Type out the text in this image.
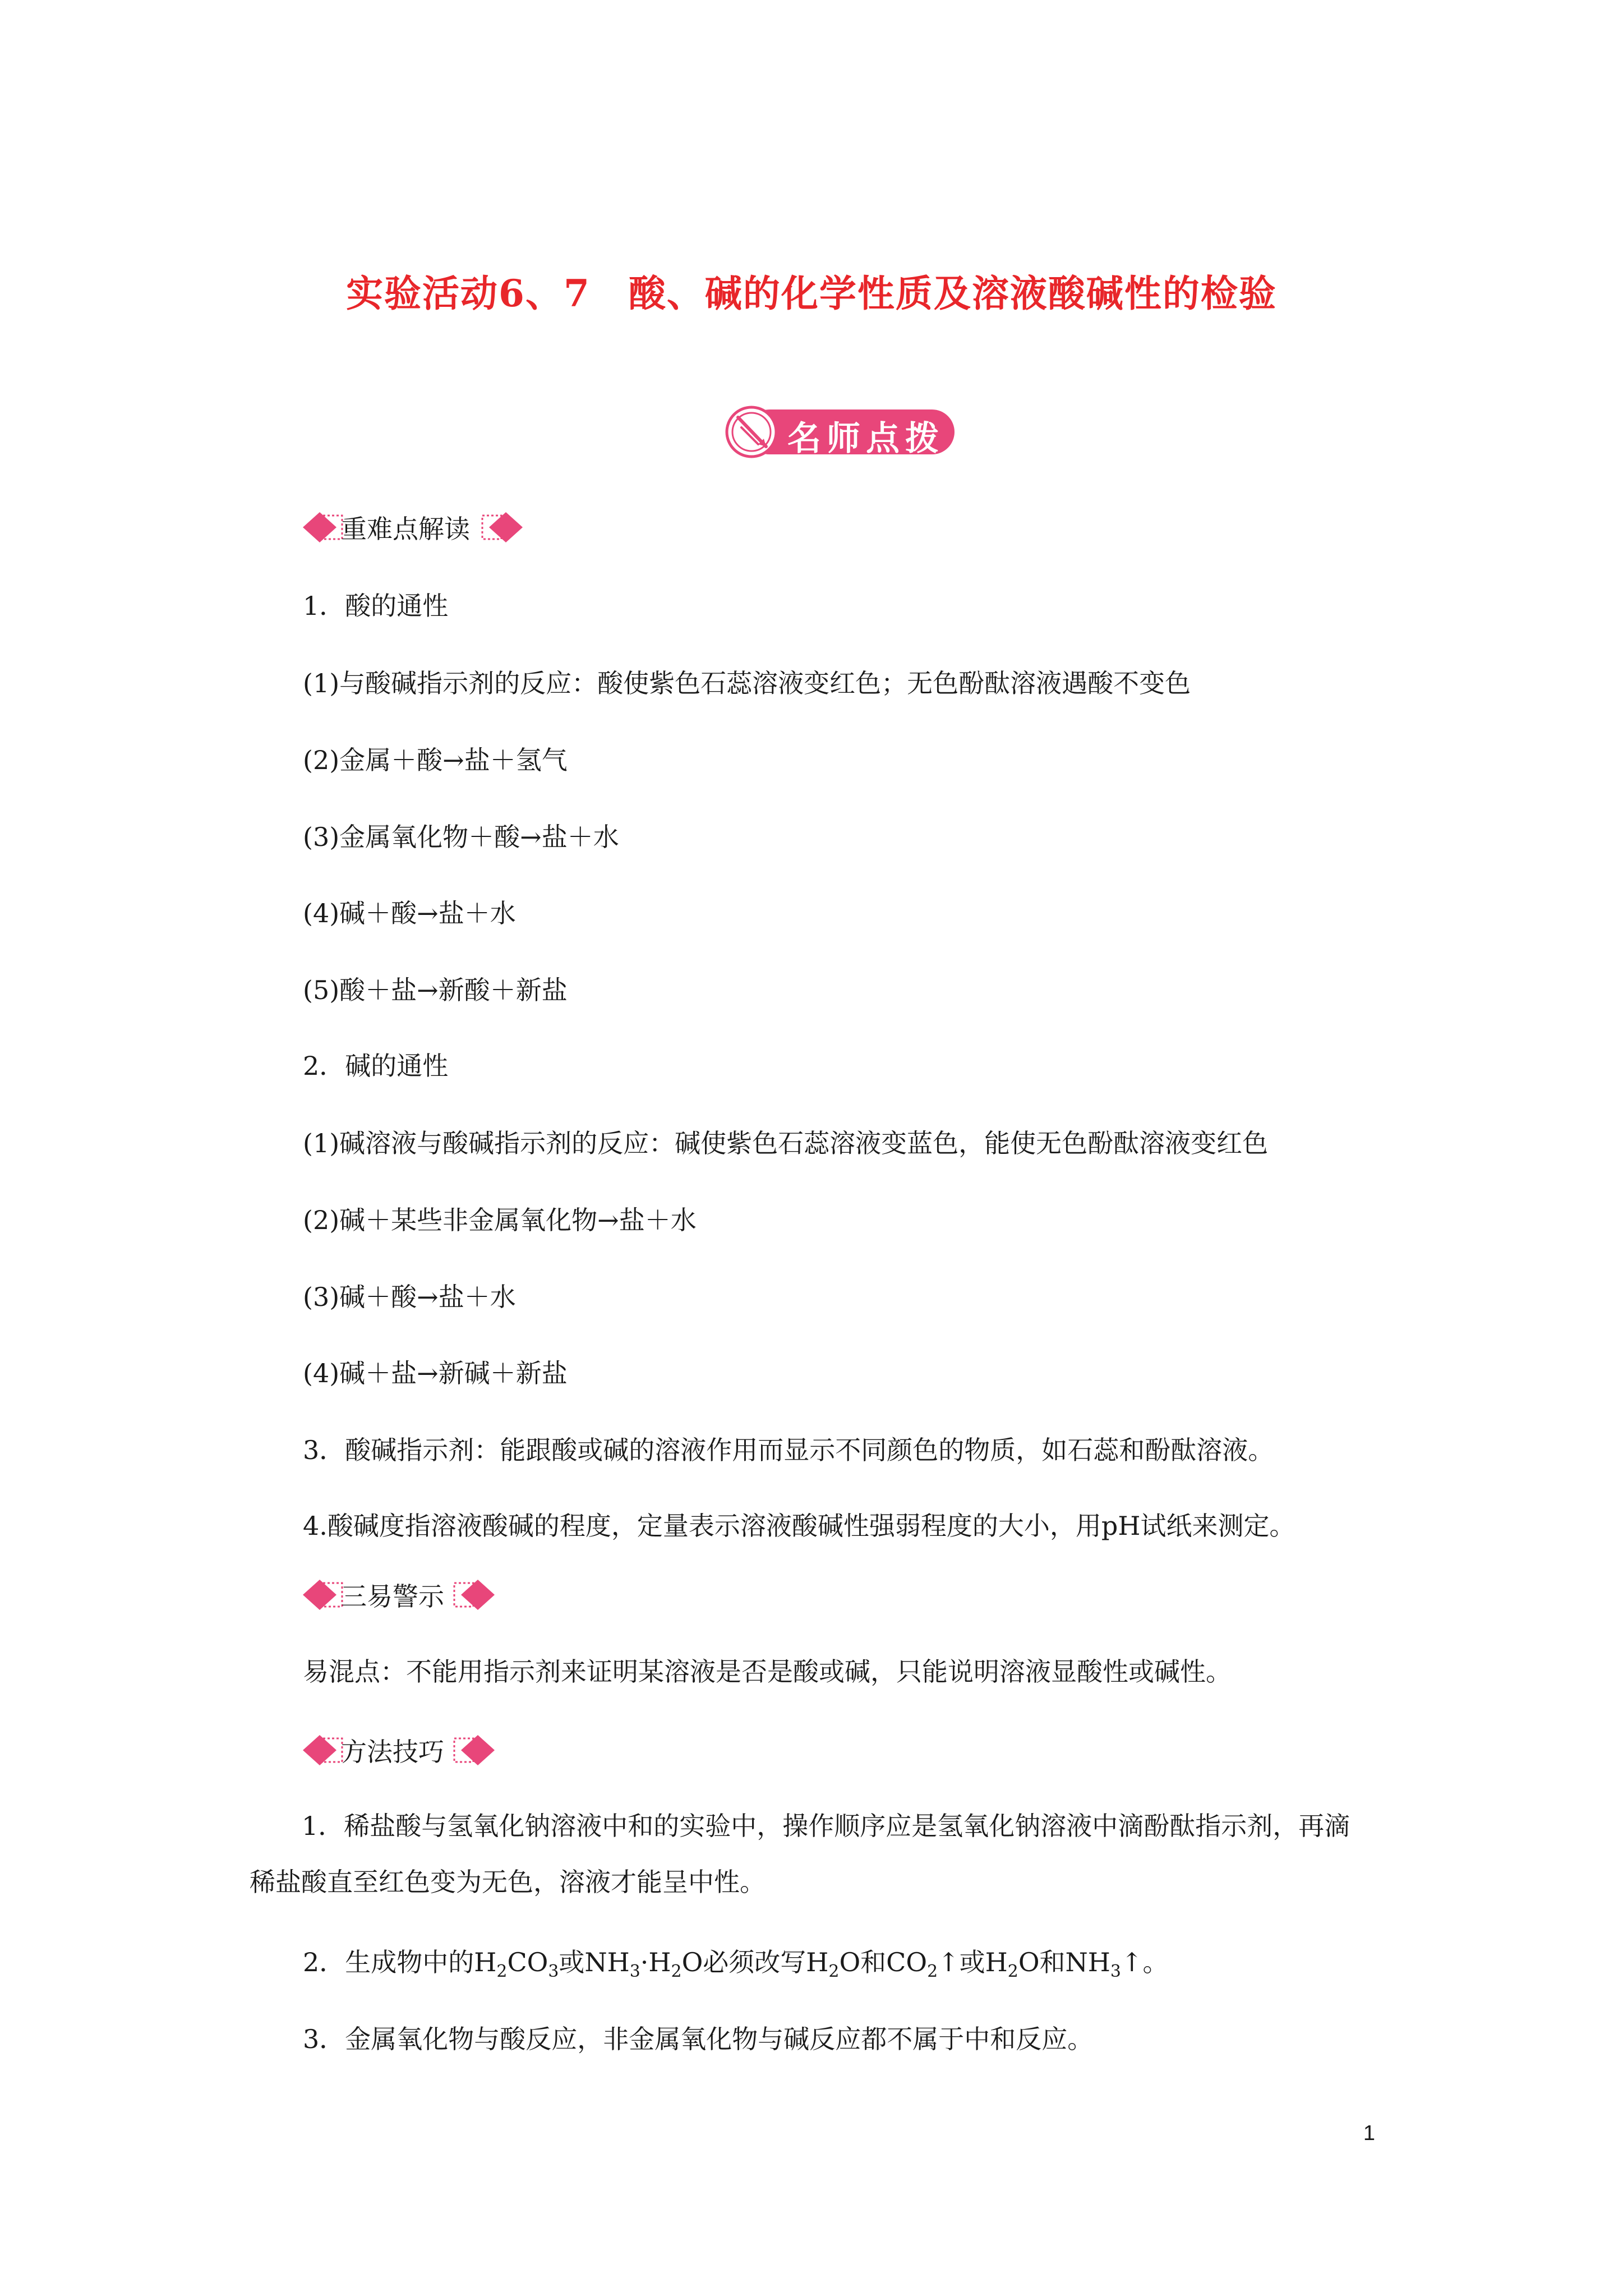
实验活动6、7　酸、碱的化学性质及溶液酸碱性的检验
名师点拨
重难点解读
1．酸的通性
(1)与酸碱指示剂的反应：酸使紫色石蕊溶液变红色；无色酚酞溶液遇酸不变色
(2)金属＋酸→盐＋氢气
(3)金属氧化物＋酸→盐＋水
(4)碱＋酸→盐＋水
(5)酸＋盐→新酸＋新盐
2．碱的通性
(1)碱溶液与酸碱指示剂的反应：碱使紫色石蕊溶液变蓝色，能使无色酚酞溶液变红色
(2)碱＋某些非金属氧化物→盐＋水
(3)碱＋酸→盐＋水
(4)碱＋盐→新碱＋新盐
3．酸碱指示剂：能跟酸或碱的溶液作用而显示不同颜色的物质，如石蕊和酚酞溶液。
4.酸碱度指溶液酸碱的程度，定量表示溶液酸碱性强弱程度的大小，用pH试纸来测定。
三易警示
易混点：不能用指示剂来证明某溶液是否是酸或碱，只能说明溶液显酸性或碱性。
方法技巧
1．稀盐酸与氢氧化钠溶液中和的实验中，操作顺序应是氢氧化钠溶液中滴酚酞指示剂，再滴稀盐酸直至红色变为无色，溶液才能呈中性。
2．生成物中的$H_2CO_3$或$NH_3\cdot H_2O$必须改写$H_2O$和$CO_2↑$或$H_2O$和$NH_3↑$。
3．金属氧化物与酸反应，非金属氧化物与碱反应都不属于中和反应。
1
